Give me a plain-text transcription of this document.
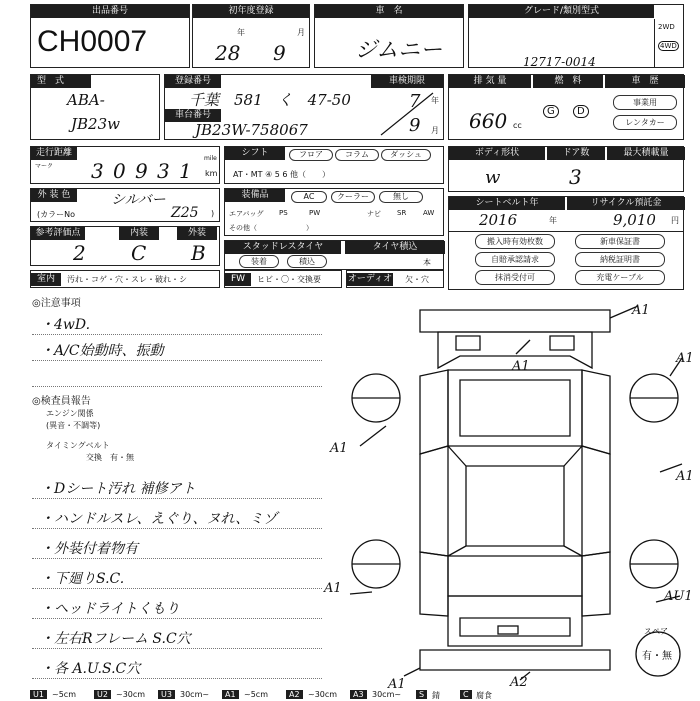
出品番号
CH0007
初年度登録
年	月
28 9
車　名
ジムニー
グレード/類別型式
2WD
4WD
12717-0014
型　式
ABA-
JB23w
登録番号
千葉　581　く　47-50
車台番号
JB23W-758067
車検期限
年
月
7
9
排 気 量	燃　料	車　歴
660 cc
G	D
事業用
レンタカー
走行距離
マーク 3 0 9 3 1 km
mile
シフト	フロア	コラム	ダッシュ
AT・MT ④ 5 6 他（　　）
ボディ形状	ドア数	最大積載量
w	3
外 装 色	シルバー
(カラーNo	Z25 )
装備品	AC	クーラー	無し
エアバッグ PS	PW	ナビ SR AW
その他（　　　　　　　）
シートベルト年	リサイクル預託金
2016	年	9,010 円
参考評価点	内装	外装
2 C B	スタッドレスタイヤ	タイヤ積込
装着	積込	本
搬入時有効枚数	新車保証書
自賠承認請求	納税証明書
抹消受付可	充電ケーブル
室内	汚れ・コゲ・穴・スレ・破れ・シ	FW	ヒビ・〇・交換要	オーディオ 欠・穴
◎注意事項
・4wD.
・A/C始動時、振動
◎検査員報告
エンジン関係
(異音・不調等)
タイミングベルト
交換　有・無
・Dシート汚れ 補修アト
・ハンドルスレ、えぐり、ヌれ、ミゾ
・外装付着物有
・下廻りS.C.
・ヘッドライトくもり
・左右Rフレーム S.C穴
・各 A.U.S.C穴
A1
A1
A1
A1
A1
A1
AU1
A1	A2
スペア
有・無
U1	~5cm	U2	~30cm	U3	30cm~	A1	~5cm	A2	~30cm	A3	30cm~	S 錆	C 腐食
